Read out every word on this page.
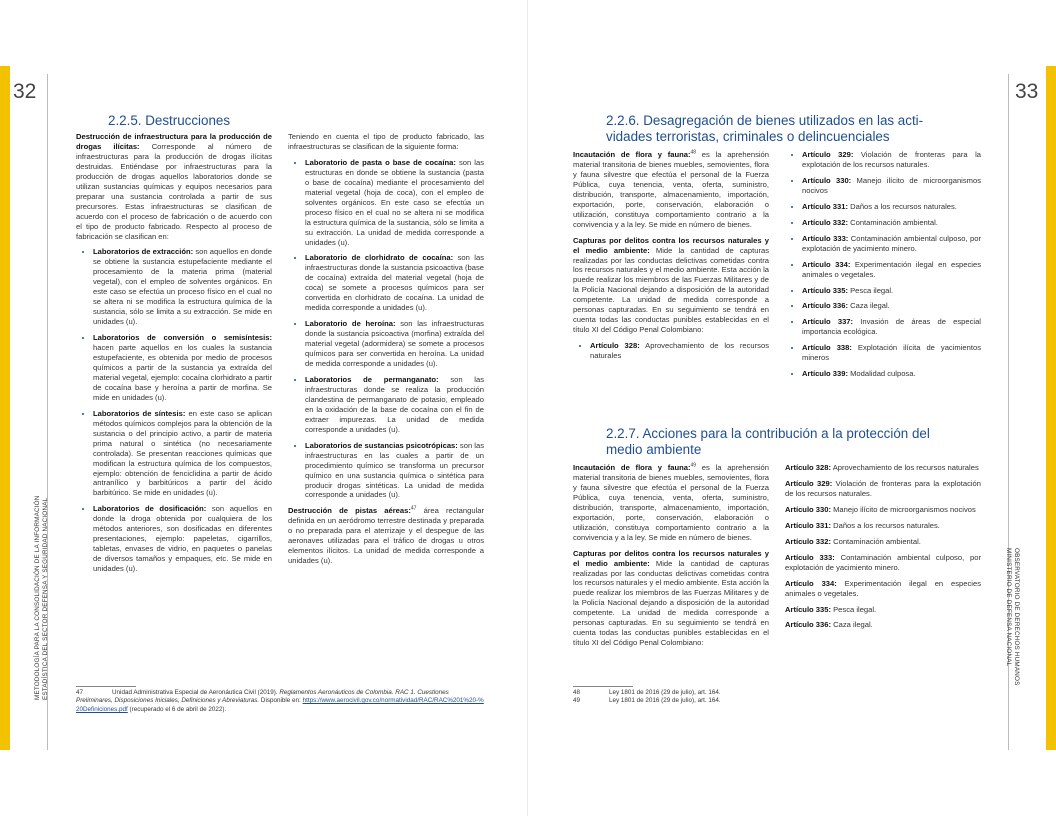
32
METODOLOGÍA PARA LA CONSOLIDACIÓN DE LA INFORMACIÓN ESTADÍSTICA DEL SECTOR DEFENSA Y SEGURIDAD NACIONAL
2.2.5. Destrucciones

Destrucción de infraestructura para la producción de drogas ilícitas: Corresponde al número de infraestructuras para la producción de drogas ilícitas destruidas. Entiéndase por infraestructuras para la producción de drogas aquellos laboratorios donde se utilizan sustancias químicas y equipos necesarios para preparar una sustancia controlada a partir de sus precursores. Estas infraestructuras se clasifican de acuerdo con el proceso de fabricación o de acuerdo con el tipo de producto fabricado. Respecto al proceso de fabricación se clasifican en:

• Laboratorios de extracción: son aquellos en donde se obtiene la sustancia estupefaciente mediante el procesamiento de la materia prima (material vegetal), con el empleo de solventes orgánicos. En este caso se efectúa un proceso físico en el cual no se altera ni se modifica la estructura química de la sustancia, sólo se limita a su extracción. Se mide en unidades (u).
• Laboratorios de conversión o semisíntesis: hacen parte aquellos en los cuales la sustancia estupefaciente, es obtenida por medio de procesos químicos a partir de la sustancia ya extraída del material vegetal, ejemplo: cocaína clorhidrato a partir de cocaína base y heroína a partir de morfina. Se mide en unidades (u).
• Laboratorios de síntesis: en este caso se aplican métodos químicos complejos para la obtención de la sustancia o del principio activo, a partir de materia prima natural o sintética (no necesariamente controlada). Se presentan reacciones químicas que modifican la estructura química de los compuestos, ejemplo: obtención de fenciclidina a partir de ácido antranílico y barbitúricos a partir del ácido barbitúrico. Se mide en unidades (u).
• Laboratorios de dosificación: son aquellos en donde la droga obtenida por cualquiera de los métodos anteriores, son dosificadas en diferentes presentaciones, ejemplo: papeletas, cigarrillos, tabletas, envases de vidrio, en paquetes o panelas de diversos tamaños y empaques, etc. Se mide en unidades (u).

Teniendo en cuenta el tipo de producto fabricado, las infraestructuras se clasifican de la siguiente forma:

• Laboratorio de pasta o base de cocaína: son las estructuras en donde se obtiene la sustancia (pasta o base de cocaína) mediante el procesamiento del material vegetal (hoja de coca), con el empleo de solventes orgánicos. En este caso se efectúa un proceso físico en el cual no se altera ni se modifica la estructura química de la sustancia, sólo se limita a su extracción. La unidad de medida corresponde a unidades (u).
• Laboratorio de clorhidrato de cocaína: son las infraestructuras donde la sustancia psicoactiva (base de cocaína) extraída del material vegetal (hoja de coca) se somete a procesos químicos para ser convertida en clorhidrato de cocaína. La unidad de medida corresponde a unidades (u).
• Laboratorio de heroína: son las infraestructuras donde la sustancia psicoactiva (morfina) extraída del material vegetal (adormidera) se somete a procesos químicos para ser convertida en heroína. La unidad de medida corresponde a unidades (u).
• Laboratorios de permanganato: son las infraestructuras donde se realiza la producción clandestina de permanganato de potasio, empleado en la oxidación de la base de cocaína con el fin de extraer impurezas. La unidad de medida corresponde a unidades (u).
• Laboratorios de sustancias psicotrópicas: son las infraestructuras en las cuales a partir de un procedimiento químico se transforma un precursor químico en una sustancia química o sintética para producir drogas sintéticas. La unidad de medida corresponde a unidades (u).

Destrucción de pistas aéreas:$^{47}$ área rectangular definida en un aeródromo terrestre destinada y preparada o no preparada para el aterrizaje y el despegue de las aeronaves utilizadas para el tráfico de drogas u otros elementos ilícitos. La unidad de medida corresponde a unidades (u).

47	Unidad Administrativa Especial de Aeronáutica Civil (2019). Reglamentos Aeronáuticos de Colombia. RAC 1. Cuestiones Preliminares, Disposiciones Iniciales, Definiciones y Abreviaturas. Disponible en: https://www.aerocivil.gov.co/normatividad/RAC/RAC%201%20-%20Definiciones.pdf (recuperado el 6 de abril de 2022).
33
OBSERVATORIO DE DERECHOS HUMANOS
MINISTERIO DE DEFENSA NACIONAL
2.2.6. Desagregación de bienes utilizados en las acti-
vidades terroristas, criminales o delincuenciales

Incautación de flora y fauna:$^{48}$ es la aprehensión material transitoria de bienes muebles, semovientes, flora y fauna silvestre que efectúa el personal de la Fuerza Pública, cuya tenencia, venta, oferta, suministro, distribución, transporte, almacenamiento, importación, exportación, porte, conservación, elaboración o utilización, constituya comportamiento contrario a la convivencia y a la ley. Se mide en número de bienes.

Capturas por delitos contra los recursos naturales y el medio ambiente: Mide la cantidad de capturas realizadas por las conductas delictivas cometidas contra los recursos naturales y el medio ambiente. Esta acción la puede realizar los miembros de las Fuerzas Militares y de la Policía Nacional dejando a disposición de la autoridad competente. La unidad de medida corresponde a personas capturadas. En su seguimiento se tendrá en cuenta todas las conductas punibles establecidas en el título XI del Código Penal Colombiano:

• Artículo 328: Aprovechamiento de los recursos naturales
• Artículo 329: Violación de fronteras para la explotación de los recursos naturales.
• Artículo 330: Manejo ilícito de microorganismos nocivos
• Artículo 331: Daños a los recursos naturales.
• Artículo 332: Contaminación ambiental.
• Artículo 333: Contaminación ambiental culposo, por explotación de yacimiento minero.
• Artículo 334: Experimentación ilegal en especies animales o vegetales.
• Artículo 335: Pesca ilegal.
• Artículo 336: Caza ilegal.
• Artículo 337: Invasión de áreas de especial importancia ecológica.
• Artículo 338: Explotación ilícita de yacimientos mineros
• Artículo 339: Modalidad culposa.
2.2.7. Acciones para la contribución a la protección del
medio ambiente

Incautación de flora y fauna:$^{49}$ es la aprehensión material transitoria de bienes muebles, semovientes, flora y fauna silvestre que efectúa el personal de la Fuerza Pública, cuya tenencia, venta, oferta, suministro, distribución, transporte, almacenamiento, importación, exportación, porte, conservación, elaboración o utilización, constituya comportamiento contrario a la convivencia y a la ley. Se mide en número de bienes.

Capturas por delitos contra los recursos naturales y el medio ambiente: Mide la cantidad de capturas realizadas por las conductas delictivas cometidas contra los recursos naturales y el medio ambiente. Esta acción la puede realizar los miembros de las Fuerzas Militares y de la Policía Nacional dejando a disposición de la autoridad competente. La unidad de medida corresponde a personas capturadas. En su seguimiento se tendrá en cuenta todas las conductas punibles establecidas en el título XI del Código Penal Colombiano:

Artículo 328: Aprovechamiento de los recursos naturales

Artículo 329: Violación de fronteras para la explotación de los recursos naturales.

Artículo 330: Manejo ilícito de microorganismos nocivos

Artículo 331: Daños a los recursos naturales.

Artículo 332: Contaminación ambiental.

Artículo 333: Contaminación ambiental culposo, por explotación de yacimiento minero.

Artículo 334: Experimentación ilegal en especies animales o vegetales.

Artículo 335: Pesca ilegal.

Artículo 336: Caza ilegal.

48	Ley 1801 de 2016 (29 de julio), art. 164.
49	Ley 1801 de 2016 (29 de julio), art. 164.
